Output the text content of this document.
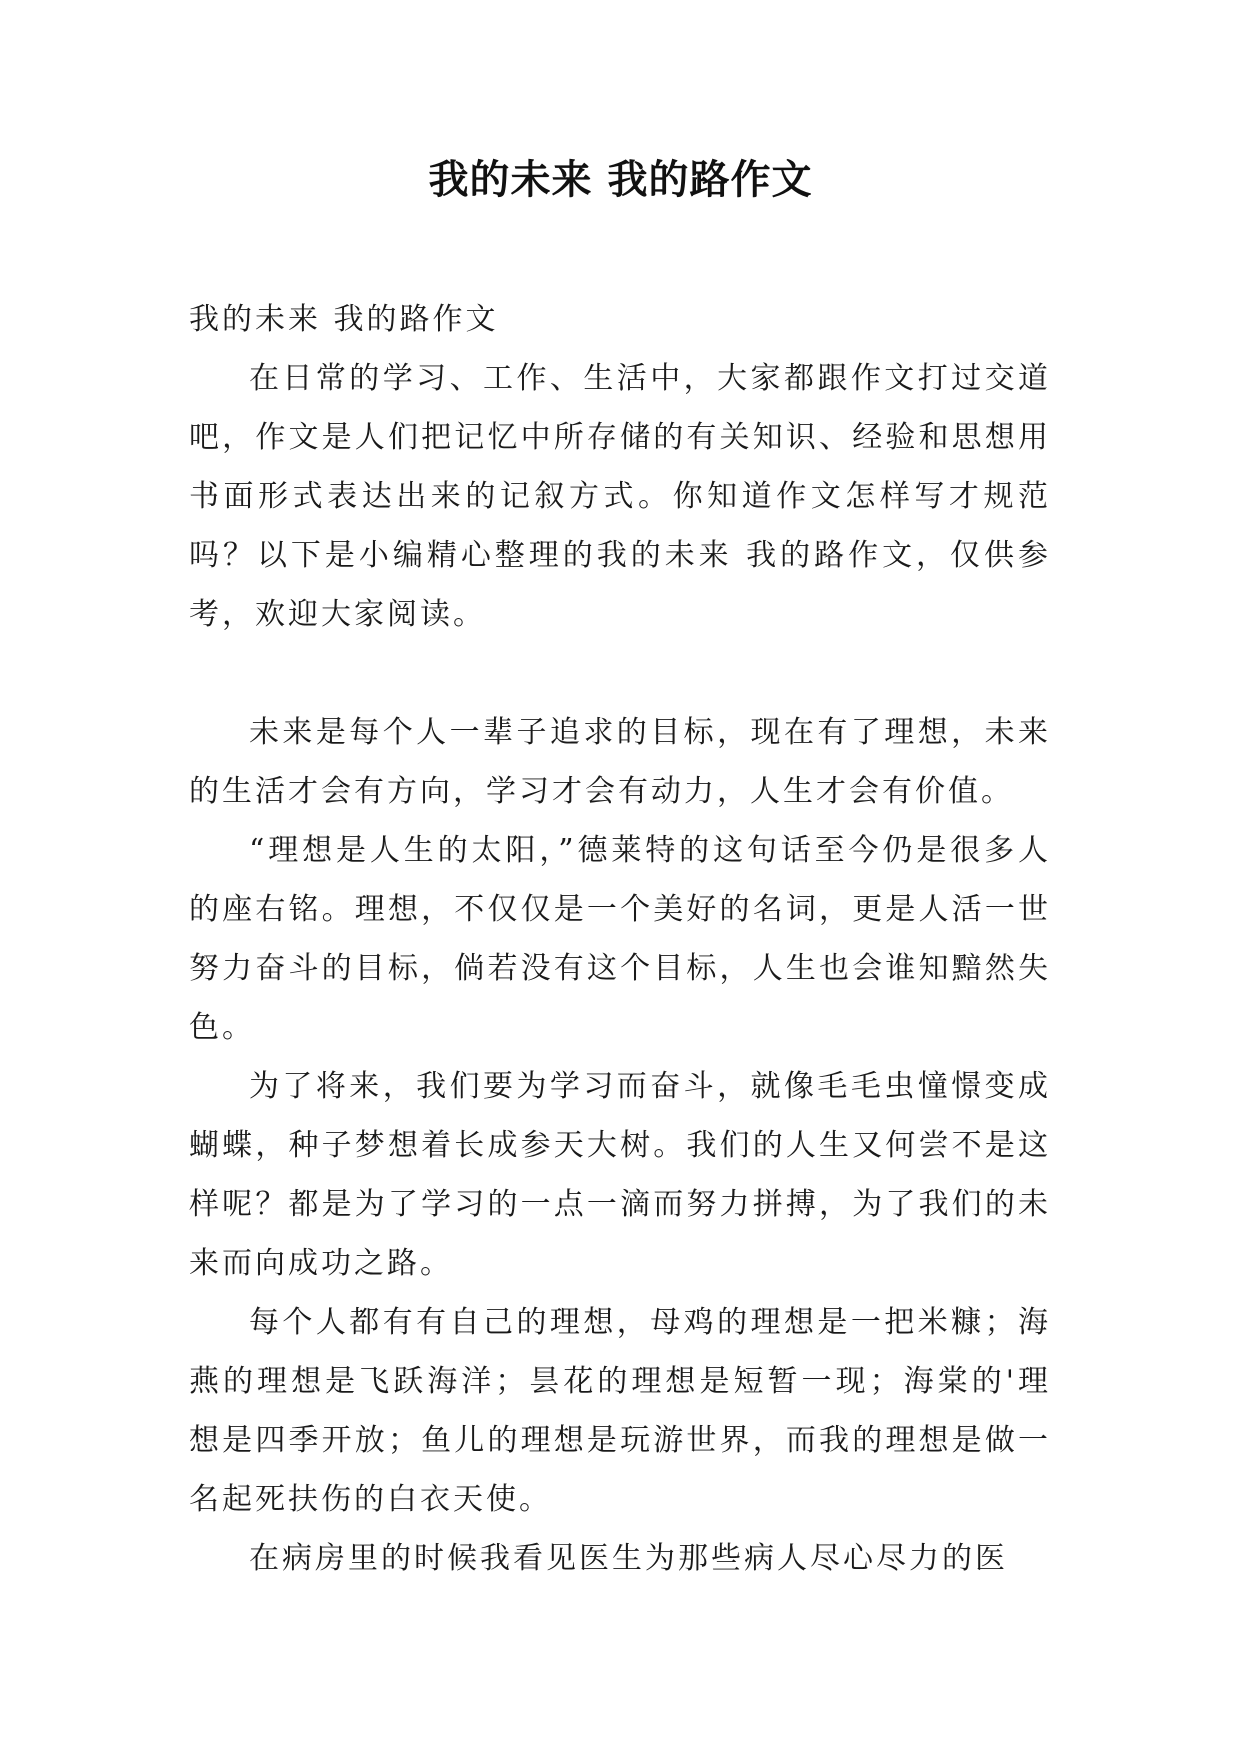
我的未来 我的路作文

我的未来 我的路作文

在日常的学习、工作、生活中，大家都跟作文打过交道吧，作文是人们把记忆中所存储的有关知识、经验和思想用书面形式表达出来的记叙方式。你知道作文怎样写才规范吗？以下是小编精心整理的我的未来 我的路作文，仅供参考，欢迎大家阅读。

未来是每个人一辈子追求的目标，现在有了理想，未来的生活才会有方向，学习才会有动力，人生才会有价值。

“理想是人生的太阳，”德莱特的这句话至今仍是很多人的座右铭。理想，不仅仅是一个美好的名词，更是人活一世努力奋斗的目标，倘若没有这个目标，人生也会谁知黯然失色。

为了将来，我们要为学习而奋斗，就像毛毛虫憧憬变成蝴蝶，种子梦想着长成参天大树。我们的人生又何尝不是这样呢？都是为了学习的一点一滴而努力拼搏，为了我们的未来而向成功之路。

每个人都有有自己的理想，母鸡的理想是一把米糠；海燕的理想是飞跃海洋；昙花的理想是短暂一现；海棠的'理想是四季开放；鱼儿的理想是玩游世界，而我的理想是做一名起死扶伤的白衣天使。

在病房里的时候我看见医生为那些病人尽心尽力的医
